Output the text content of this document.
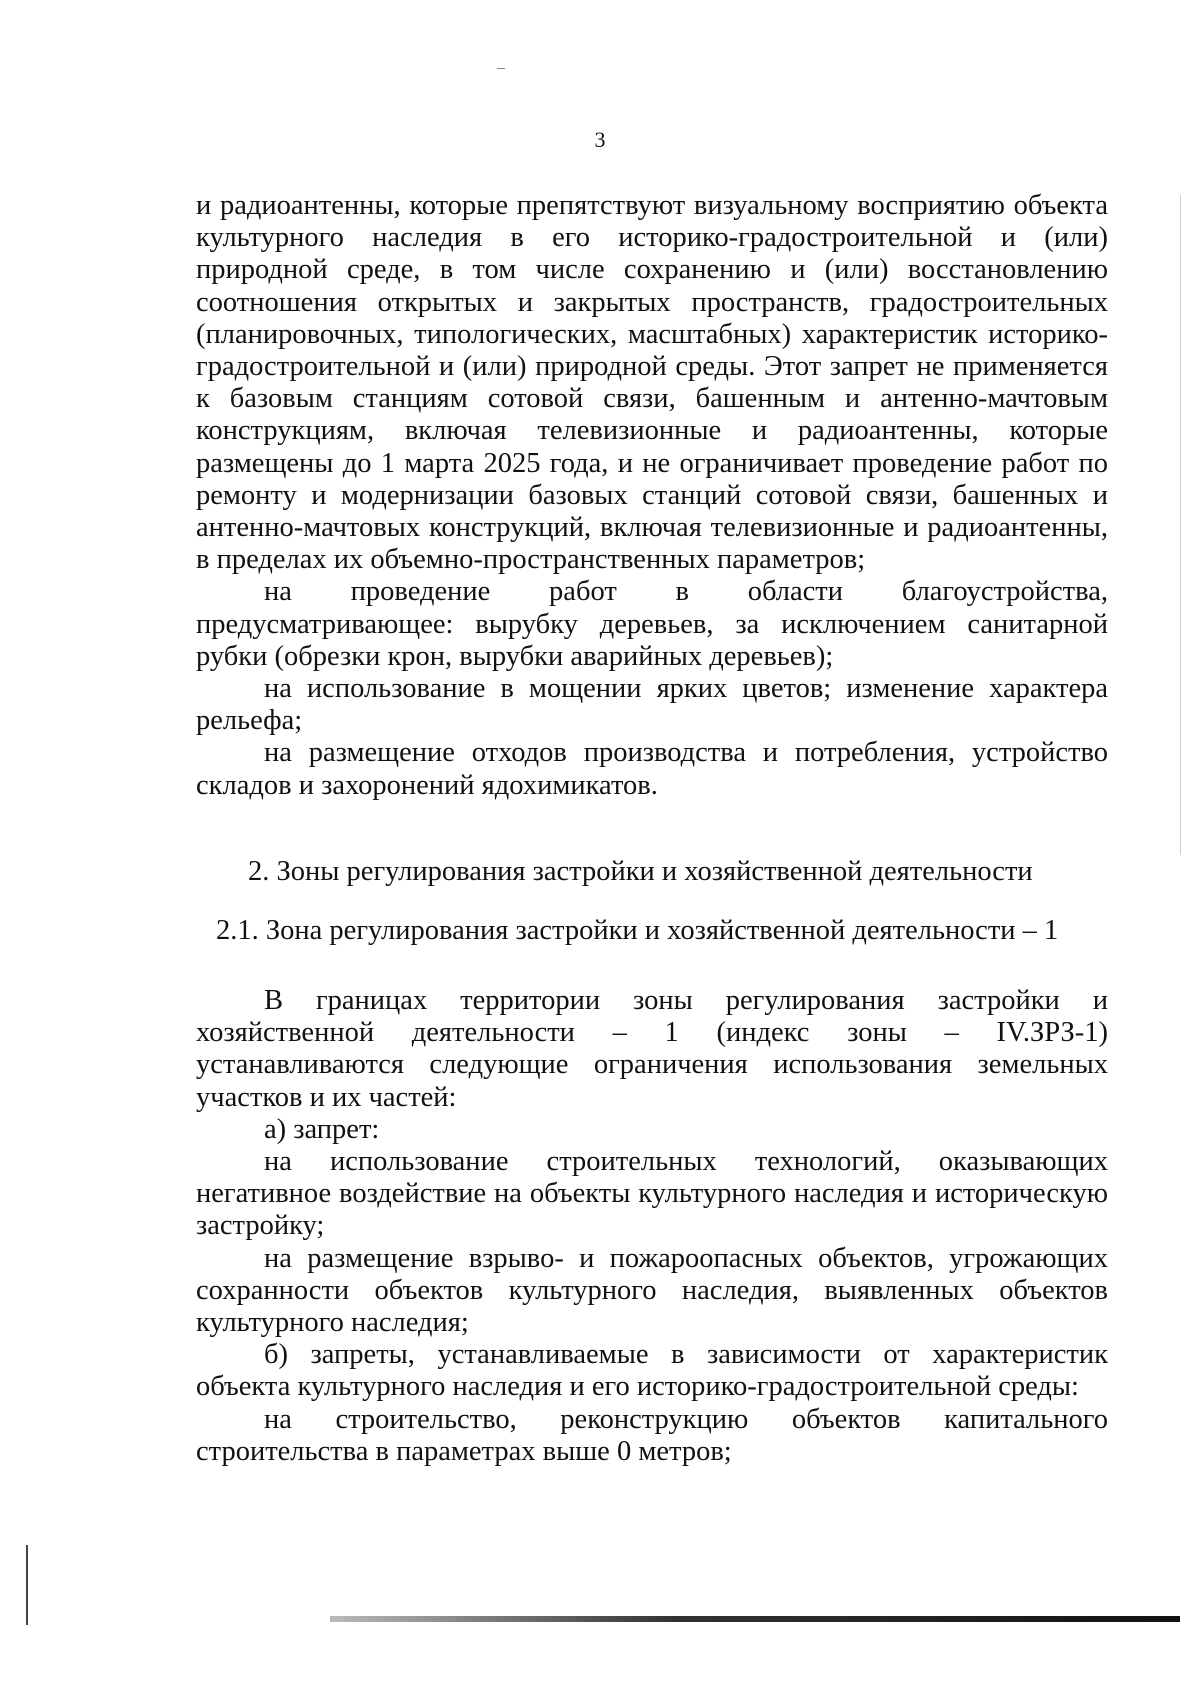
3

и радиоантенны, которые препятствуют визуальному восприятию объекта культурного наследия в его историко-градостроительной и (или) природной среде, в том числе сохранению и (или) восстановлению соотношения открытых и закрытых пространств, градостроительных (планировочных, типологических, масштабных) характеристик историко-градостроительной и (или) природной среды. Этот запрет не применяется к базовым станциям сотовой связи, башенным и антенно-мачтовым конструкциям, включая телевизионные и радиоантенны, которые размещены до 1 марта 2025 года, и не ограничивает проведение работ по ремонту и модернизации базовых станций сотовой связи, башенных и антенно-мачтовых конструкций, включая телевизионные и радиоантенны, в пределах их объемно-пространственных параметров;

на проведение работ в области благоустройства, предусматривающее: вырубку деревьев, за исключением санитарной рубки (обрезки крон, вырубки аварийных деревьев);

на использование в мощении ярких цветов; изменение характера рельефа;

на размещение отходов производства и потребления, устройство складов и захоронений ядохимикатов.

2. Зоны регулирования застройки и хозяйственной деятельности
2.1. Зона регулирования застройки и хозяйственной деятельности – 1

В границах территории зоны регулирования застройки и хозяйственной деятельности – 1 (индекс зоны – IV.ЗРЗ-1) устанавливаются следующие ограничения использования земельных участков и их частей:

а) запрет:

на использование строительных технологий, оказывающих негативное воздействие на объекты культурного наследия и историческую застройку;

на размещение взрыво- и пожароопасных объектов, угрожающих сохранности объектов культурного наследия, выявленных объектов культурного наследия;

б) запреты, устанавливаемые в зависимости от характеристик объекта культурного наследия и его историко-градостроительной среды:

на строительство, реконструкцию объектов капитального строительства в параметрах выше 0 метров;
